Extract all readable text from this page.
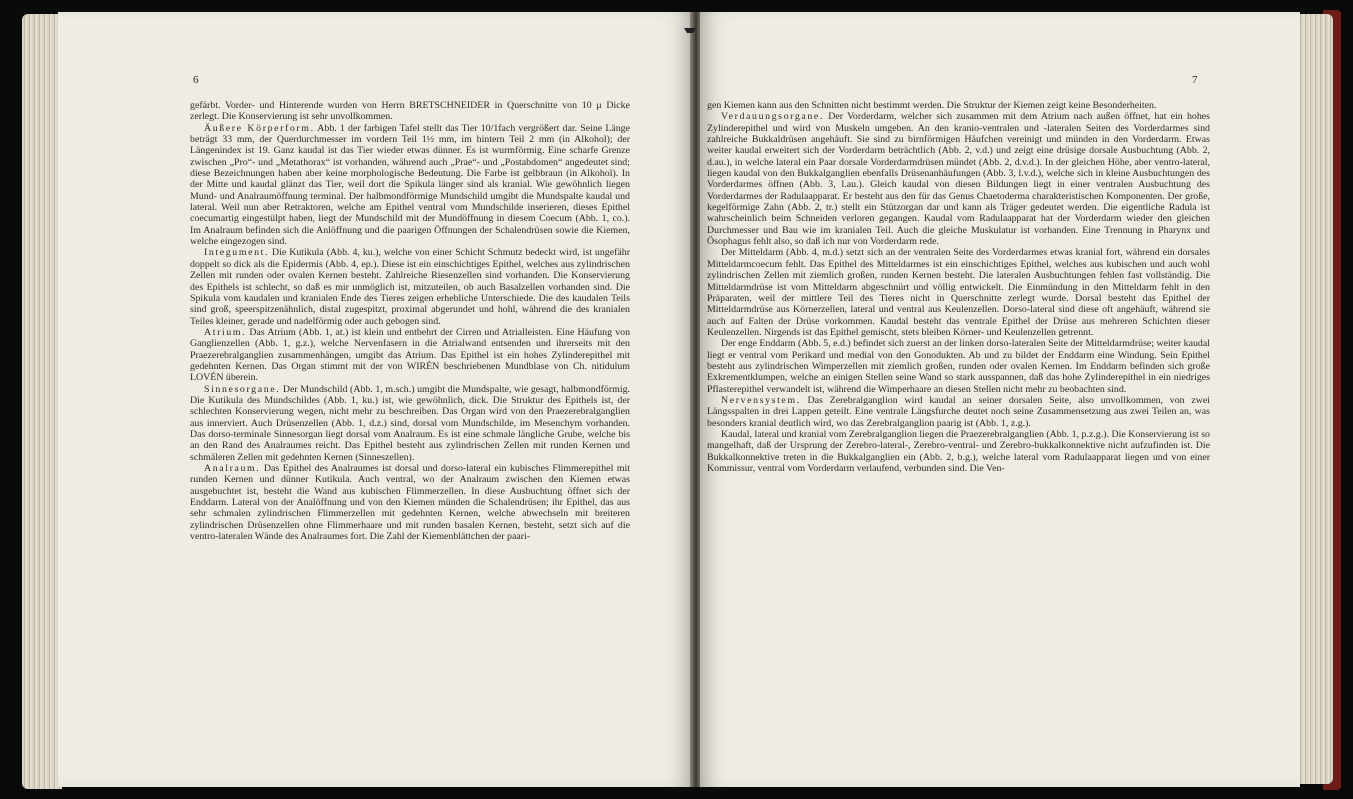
6

gefärbt. Vorder- und Hinterende wurden von Herrn BRETSCHNEIDER in Querschnitte von 10 μ Dicke zerlegt. Die Konservierung ist sehr unvollkommen.

Äußere Körperform. Abb. 1 der farbigen Tafel stellt das Tier 10/1fach vergrößert dar. Seine Länge beträgt 33 mm, der Querdurchmesser im vordern Teil 1½ mm, im hintern Teil 2 mm (in Alkohol); der Längenindex ist 19. Ganz kaudal ist das Tier wieder etwas dünner. Es ist wurmförmig. Eine scharfe Grenze zwischen „Pro“- und „Metathorax“ ist vorhanden, während auch „Prae“- und „Postabdomen“ angedeutet sind; diese Bezeichnungen haben aber keine morphologische Bedeutung. Die Farbe ist gelbbraun (in Alkohol). In der Mitte und kaudal glänzt das Tier, weil dort die Spikula länger sind als kranial. Wie gewöhnlich liegen Mund- und Analraumöffnung terminal. Der halbmondförmige Mundschild umgibt die Mundspalte kaudal und lateral. Weil nun aber Retraktoren, welche am Epithel ventral vom Mundschilde inserieren, dieses Epithel coecumartig eingestülpt haben, liegt der Mundschild mit der Mundöffnung in diesem Coecum (Abb. 1, co.). Im Analraum befinden sich die Anlöffnung und die paarigen Öffnungen der Schalendrüsen sowie die Kiemen, welche eingezogen sind.

Integument. Die Kutikula (Abb. 4, ku.), welche von einer Schicht Schmutz bedeckt wird, ist ungefähr doppelt so dick als die Epidermis (Abb. 4, ep.). Diese ist ein einschichtiges Epithel, welches aus zylindrischen Zellen mit runden oder ovalen Kernen besteht. Zahlreiche Riesenzellen sind vorhanden. Die Konservierung des Epithels ist schlecht, so daß es mir unmöglich ist, mitzuteilen, ob auch Basalzellen vorhanden sind. Die Spikula vom kaudalen und kranialen Ende des Tieres zeigen erhebliche Unterschiede. Die des kaudalen Teils sind groß, speerspitzenähnlich, distal zugespitzt, proximal abgerundet und hohl, während die des kranialen Teiles kleiner, gerade und nadelförmig oder auch gebogen sind.

Atrium. Das Atrium (Abb. 1, at.) ist klein und entbehrt der Cirren und Atrialleisten. Eine Häufung von Ganglienzellen (Abb. 1, g.z.), welche Nervenfasern in die Atrialwand entsenden und ihrerseits mit den Praezerebralganglien zusammenhängen, umgibt das Atrium. Das Epithel ist ein hohes Zylinderepithel mit gedehnten Kernen. Das Organ stimmt mit der von WIRÉN beschriebenen Mundblase von Ch. nitidulum LOVÉN überein.

Sinnesorgane. Der Mundschild (Abb. 1, m.sch.) umgibt die Mundspalte, wie gesagt, halbmondförmig. Die Kutikula des Mundschildes (Abb. 1, ku.) ist, wie gewöhnlich, dick. Die Struktur des Epithels ist, der schlechten Konservierung wegen, nicht mehr zu beschreiben. Das Organ wird von den Praezerebralganglien aus innerviert. Auch Drüsenzellen (Abb. 1, d.z.) sind, dorsal vom Mundschilde, im Mesenchym vorhanden. Das dorso-terminale Sinnesorgan liegt dorsal vom Analraum. Es ist eine schmale längliche Grube, welche bis an den Rand des Analraumes reicht. Das Epithel besteht aus zylindrischen Zellen mit runden Kernen und schmäleren Zellen mit gedehnten Kernen (Sinneszellen).

Analraum. Das Epithel des Analraumes ist dorsal und dorso-lateral ein kubisches Flimmerepithel mit runden Kernen und dünner Kutikula. Auch ventral, wo der Analraum zwischen den Kiemen etwas ausgebuchtet ist, besteht die Wand aus kubischen Flimmerzellen. In diese Ausbuchtung öffnet sich der Enddarm. Lateral von der Analöffnung und von den Kiemen münden die Schalendrüsen; ihr Epithel, das aus sehr schmalen zylindrischen Flimmerzellen mit gedehnten Kernen, welche abwechseln mit breiteren zylindrischen Drüsenzellen ohne Flimmerhaare und mit runden basalen Kernen, besteht, setzt sich auf die ventro-lateralen Wände des Analraumes fort. Die Zahl der Kiemenblättchen der paari-

7

gen Kiemen kann aus den Schnitten nicht bestimmt werden. Die Struktur der Kiemen zeigt keine Besonderheiten.

Verdauungsorgane. Der Vorderdarm, welcher sich zusammen mit dem Atrium nach außen öffnet, hat ein hohes Zylinderepithel und wird von Muskeln umgeben. An den kranio-ventralen und -lateralen Seiten des Vorderdarmes sind zahlreiche Bukkaldrüsen angehäuft. Sie sind zu birnförmigen Häufchen vereinigt und münden in den Vorderdarm. Etwas weiter kaudal erweitert sich der Vorderdarm beträchtlich (Abb. 2, v.d.) und zeigt eine drüsige dorsale Ausbuchtung (Abb. 2, d.au.), in welche lateral ein Paar dorsale Vorderdarmdrüsen mündet (Abb. 2, d.v.d.). In der gleichen Höhe, aber ventro-lateral, liegen kaudal von den Bukkalganglien ebenfalls Drüsenanhäufungen (Abb. 3, l.v.d.), welche sich in kleine Ausbuchtungen des Vorderdarmes öffnen (Abb. 3, l.au.). Gleich kaudal von diesen Bildungen liegt in einer ventralen Ausbuchtung des Vorderdarmes der Radulaapparat. Er besteht aus den für das Genus Chaetoderma charakteristischen Komponenten. Der große, kegelförmige Zahn (Abb. 2, tr.) stellt ein Stützorgan dar und kann als Träger gedeutet werden. Die eigentliche Radula ist wahrscheinlich beim Schneiden verloren gegangen. Kaudal vom Radulaapparat hat der Vorderdarm wieder den gleichen Durchmesser und Bau wie im kranialen Teil. Auch die gleiche Muskulatur ist vorhanden. Eine Trennung in Pharynx und Ösophagus fehlt also, so daß ich nur von Vorderdarm rede.

Der Mitteldarm (Abb. 4, m.d.) setzt sich an der ventralen Seite des Vorderdarmes etwas kranial fort, während ein dorsales Mitteldarmcoecum fehlt. Das Epithel des Mitteldarmes ist ein einschichtiges Epithel, welches aus kubischen und auch wohl zylindrischen Zellen mit ziemlich großen, runden Kernen besteht. Die lateralen Ausbuchtungen fehlen fast vollständig. Die Mitteldarmdrüse ist vom Mitteldarm abgeschnürt und völlig entwickelt. Die Einmündung in den Mitteldarm fehlt in den Präparaten, weil der mittlere Teil des Tieres nicht in Querschnitte zerlegt wurde. Dorsal besteht das Epithel der Mitteldarmdrüse aus Körnerzellen, lateral und ventral aus Keulenzellen. Dorso-lateral sind diese oft angehäuft, während sie auch auf Falten der Drüse vorkommen. Kaudal besteht das ventrale Epithel der Drüse aus mehreren Schichten dieser Keulenzellen. Nirgends ist das Epithel gemischt, stets bleiben Körner- und Keulenzellen getrennt.

Der enge Enddarm (Abb. 5, e.d.) befindet sich zuerst an der linken dorso-lateralen Seite der Mitteldarmdrüse; weiter kaudal liegt er ventral vom Perikard und medial von den Gonodukten. Ab und zu bildet der Enddarm eine Windung. Sein Epithel besteht aus zylindrischen Wimperzellen mit ziemlich großen, runden oder ovalen Kernen. Im Enddarm befinden sich große Exkrementklumpen, welche an einigen Stellen seine Wand so stark ausspannen, daß das hohe Zylinderepithel in ein niedriges Pflasterepithel verwandelt ist, während die Wimperhaare an diesen Stellen nicht mehr zu beobachten sind.

Nervensystem. Das Zerebralganglion wird kaudal an seiner dorsalen Seite, also unvollkommen, von zwei Längsspalten in drei Lappen geteilt. Eine ventrale Längsfurche deutet noch seine Zusammensetzung aus zwei Teilen an, was besonders kranial deutlich wird, wo das Zerebralganglion paarig ist (Abb. 1, z.g.).

Kaudal, lateral und kranial vom Zerebralganglion liegen die Praezerebralganglien (Abb. 1, p.z.g.). Die Konservierung ist so mangelhaft, daß der Ursprung der Zerebro-lateral-, Zerebro-ventral- und Zerebro-bukkalkonnektive nicht aufzufinden ist. Die Bukkalkonnektive treten in die Bukkalganglien ein (Abb. 2, b.g.), welche lateral vom Radulaapparat liegen und von einer Kommissur, ventral vom Vorderdarm verlaufend, verbunden sind. Die Ven-
